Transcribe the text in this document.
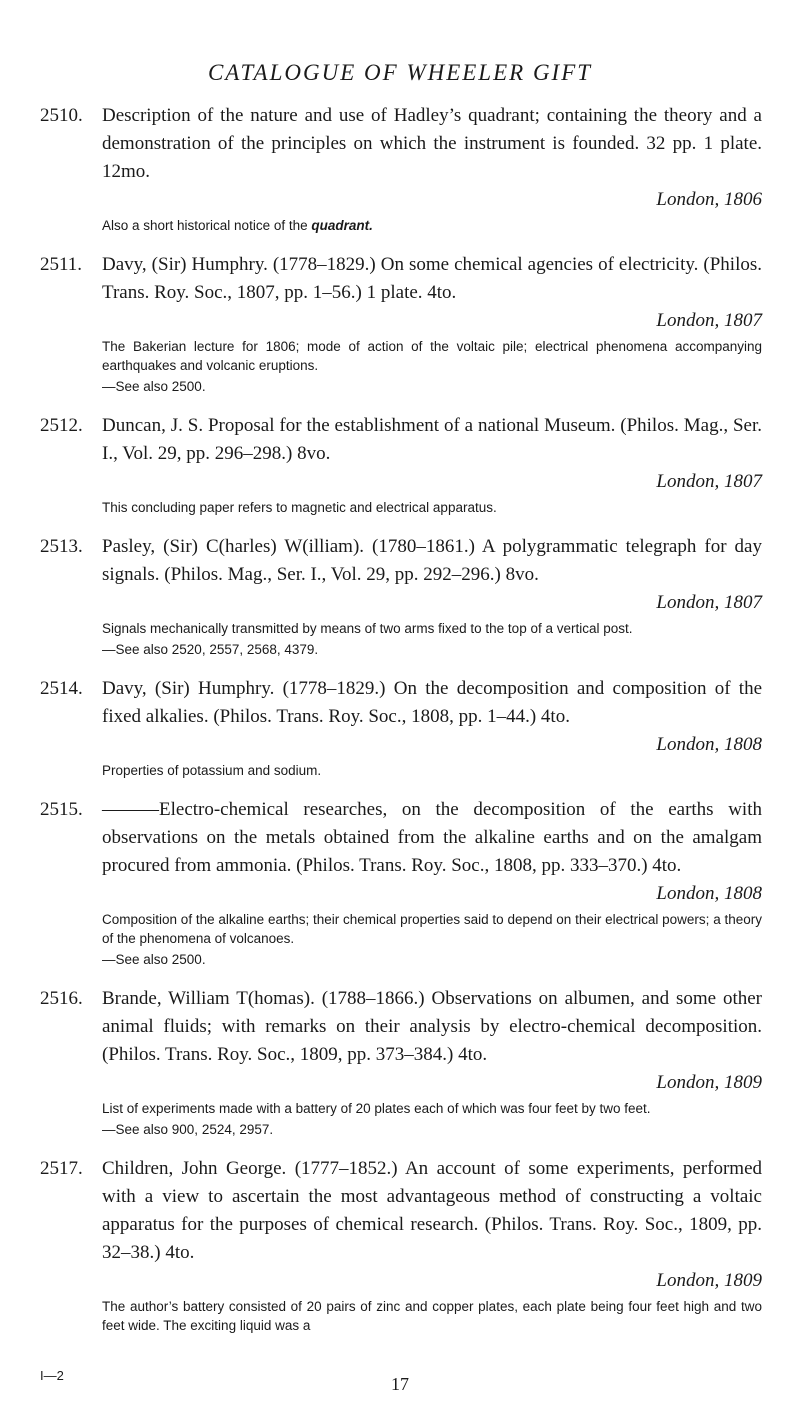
CATALOGUE OF WHEELER GIFT
2510. Description of the nature and use of Hadley’s quadrant; containing the theory and a demonstration of the principles on which the instrument is founded. 32 pp. 1 plate. 12mo.
London, 1806
Also a short historical notice of the quadrant.
2511. Davy, (Sir) Humphry. (1778–1829.) On some chemical agencies of electricity. (Philos. Trans. Roy. Soc., 1807, pp. 1–56.) 1 plate. 4to.
London, 1807
The Bakerian lecture for 1806; mode of action of the voltaic pile; electrical phenomena accompanying earthquakes and volcanic eruptions.
—See also 2500.
2512. Duncan, J. S. Proposal for the establishment of a national Museum. (Philos. Mag., Ser. I., Vol. 29, pp. 296–298.) 8vo.
London, 1807
This concluding paper refers to magnetic and electrical apparatus.
2513. Pasley, (Sir) C(harles) W(illiam). (1780–1861.) A polygrammatic telegraph for day signals. (Philos. Mag., Ser. I., Vol. 29, pp. 292–296.) 8vo.
London, 1807
Signals mechanically transmitted by means of two arms fixed to the top of a vertical post.
—See also 2520, 2557, 2568, 4379.
2514. Davy, (Sir) Humphry. (1778–1829.) On the decomposition and composition of the fixed alkalies. (Philos. Trans. Roy. Soc., 1808, pp. 1–44.) 4to.
London, 1808
Properties of potassium and sodium.
2515. ———Electro-chemical researches, on the decomposition of the earths with observations on the metals obtained from the alkaline earths and on the amalgam procured from ammonia. (Philos. Trans. Roy. Soc., 1808, pp. 333–370.) 4to.
London, 1808
Composition of the alkaline earths; their chemical properties said to depend on their electrical powers; a theory of the phenomena of volcanoes.
—See also 2500.
2516. Brande, William T(homas). (1788–1866.) Observations on albumen, and some other animal fluids; with remarks on their analysis by electro-chemical decomposition. (Philos. Trans. Roy. Soc., 1809, pp. 373–384.) 4to.
London, 1809
List of experiments made with a battery of 20 plates each of which was four feet by two feet.
—See also 900, 2524, 2957.
2517. Children, John George. (1777–1852.) An account of some experiments, performed with a view to ascertain the most advantageous method of constructing a voltaic apparatus for the purposes of chemical research. (Philos. Trans. Roy. Soc., 1809, pp. 32–38.) 4to.
London, 1809
The author’s battery consisted of 20 pairs of zinc and copper plates, each plate being four feet high and two feet wide. The exciting liquid was a
I—2	17
